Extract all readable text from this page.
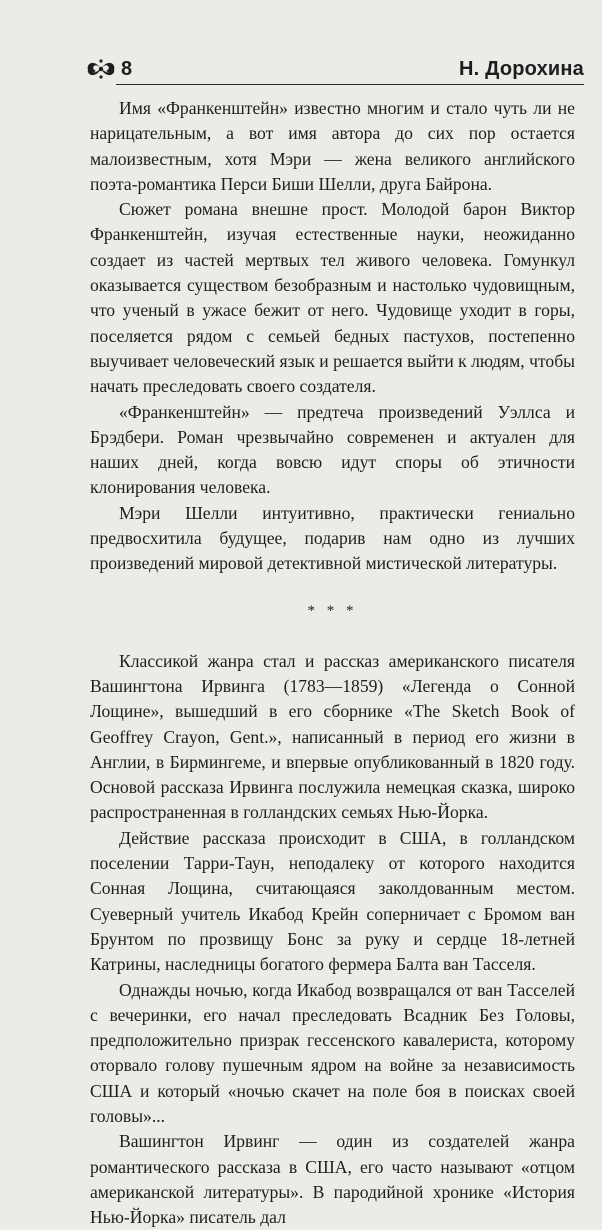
8	Н. Дорохина

Имя «Франкенштейн» известно многим и стало чуть ли не нарицательным, а вот имя автора до сих пор остается малоизвестным, хотя Мэри — жена великого английского поэта-романтика Перси Биши Шелли, друга Байрона.

Сюжет романа внешне прост. Молодой барон Виктор Франкенштейн, изучая естественные науки, неожиданно создает из частей мертвых тел живого человека. Гомункул оказывается существом безобразным и настолько чудовищным, что ученый в ужасе бежит от него. Чудовище уходит в горы, поселяется рядом с семьей бедных пастухов, постепенно выучивает человеческий язык и решается выйти к людям, чтобы начать преследовать своего создателя.

«Франкенштейн» — предтеча произведений Уэллса и Брэдбери. Роман чрезвычайно современен и актуален для наших дней, когда вовсю идут споры об этичности клонирования человека.

Мэри Шелли интуитивно, практически гениально предвосхитила будущее, подарив нам одно из лучших произведений мировой детективной мистической литературы.

* * *

Классикой жанра стал и рассказ американского писателя Вашингтона Ирвинга (1783—1859) «Легенда о Сонной Лощине», вышедший в его сборнике «The Sketch Book of Geoffrey Crayon, Gent.», написанный в период его жизни в Англии, в Бирмингеме, и впервые опубликованный в 1820 году. Основой рассказа Ирвинга послужила немецкая сказка, широко распространенная в голландских семьях Нью-Йорка.

Действие рассказа происходит в США, в голландском поселении Тарри-Таун, неподалеку от которого находится Сонная Лощина, считающаяся заколдованным местом. Суеверный учитель Икабод Крейн соперничает с Бромом ван Брунтом по прозвищу Бонс за руку и сердце 18-летней Катрины, наследницы богатого фермера Балта ван Тасселя.

Однажды ночью, когда Икабод возвращался от ван Тасселей с вечеринки, его начал преследовать Всадник Без Головы, предположительно призрак гессенского кавалериста, которому оторвало голову пушечным ядром на войне за независимость США и который «ночью скачет на поле боя в поисках своей головы»...

Вашингтон Ирвинг — один из создателей жанра романтического рассказа в США, его часто называют «отцом американской литературы». В пародийной хронике «История Нью-Йорка» писатель дал
